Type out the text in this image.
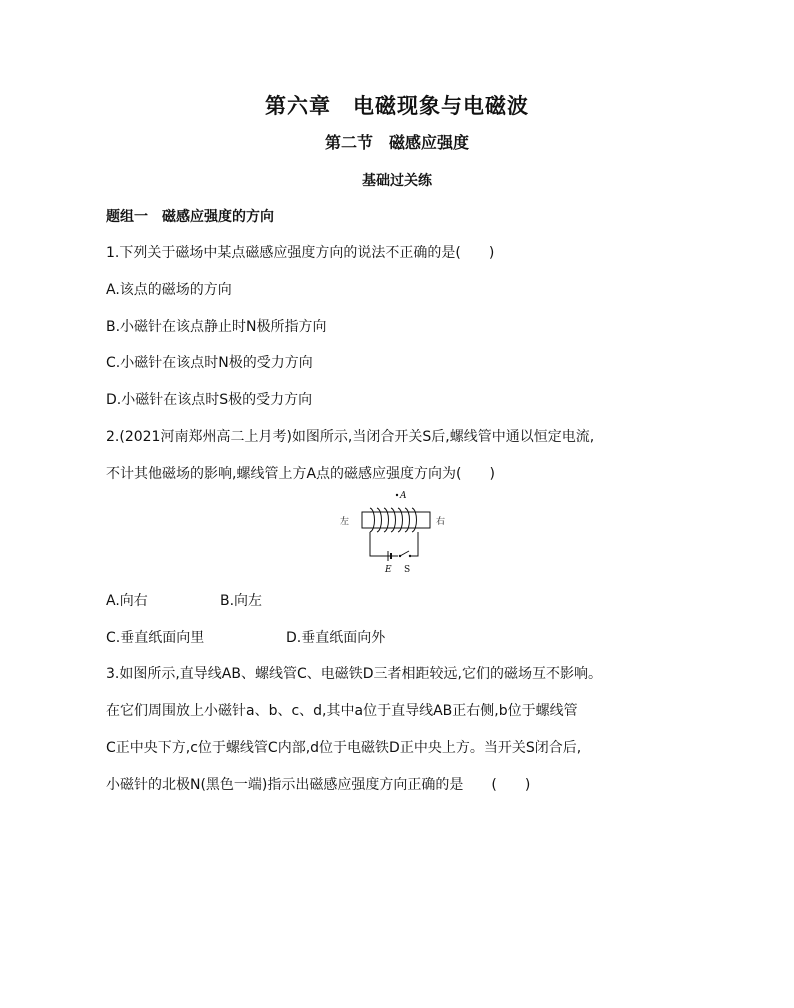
第六章　电磁现象与电磁波
第二节　磁感应强度
基础过关练
题组一　磁感应强度的方向
1.下列关于磁场中某点磁感应强度方向的说法不正确的是(　　)
A.该点的磁场的方向
B.小磁针在该点静止时N极所指方向
C.小磁针在该点时N极的受力方向
D.小磁针在该点时S极的受力方向
2.(2021河南郑州高二上月考)如图所示,当闭合开关S后,螺线管中通以恒定电流,
不计其他磁场的影响,螺线管上方A点的磁感应强度方向为(　　)
A
左	右
E S
A.向右	B.向左
C.垂直纸面向里	D.垂直纸面向外
3.如图所示,直导线AB、螺线管C、电磁铁D三者相距较远,它们的磁场互不影响。
在它们周围放上小磁针a、b、c、d,其中a位于直导线AB正右侧,b位于螺线管
C正中央下方,c位于螺线管C内部,d位于电磁铁D正中央上方。当开关S闭合后,
小磁针的北极N(黑色一端)指示出磁感应强度方向正确的是　　(　　)
